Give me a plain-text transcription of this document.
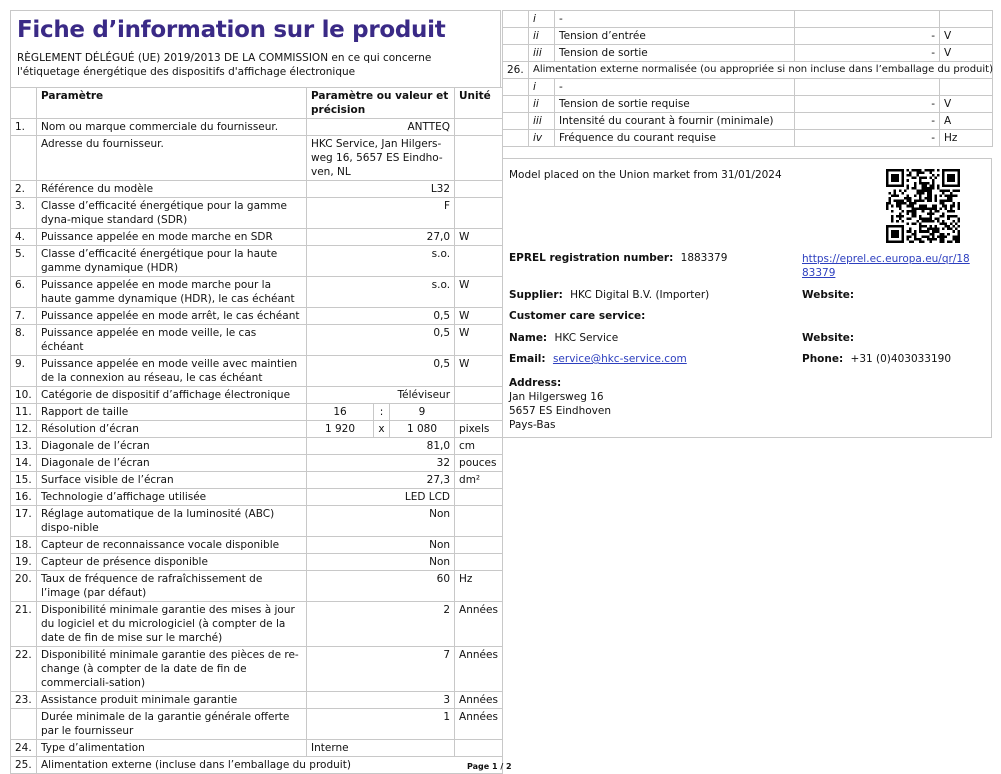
Fiche d’information sur le produit
RÈGLEMENT DÉLÉGUÉ (UE) 2019/2013 DE LA COMMISSION en ce qui concerne l'étiquetage énergétique des dispositifs d'affichage électronique
	Paramètre	Paramètre ou valeur et précision			Unité
1.	Nom ou marque commerciale du fournisseur.	ANTTEQ			
	Adresse du fournisseur.	HKC Service, Jan Hilgers-weg 16, 5657 ES Eindho-ven, NL			
2.	Référence du modèle	L32			
3.	Classe d’efficacité énergétique pour la gamme dyna-mique standard (SDR)	F			
4.	Puissance appelée en mode marche en SDR	27,0			W
5.	Classe d’efficacité énergétique pour la haute gamme dynamique (HDR)	s.o.			
6.	Puissance appelée en mode marche pour la haute gamme dynamique (HDR), le cas échéant	s.o.			W
7.	Puissance appelée en mode arrêt, le cas échéant	0,5			W
8.	Puissance appelée en mode veille, le cas échéant	0,5			W
9.	Puissance appelée en mode veille avec maintien de la connexion au réseau, le cas échéant	0,5			W
10.	Catégorie de dispositif d’affichage électronique	Téléviseur			
11.	Rapport de taille	16	:	9	
12.	Résolution d’écran	1 920	x	1 080	pixels
13.	Diagonale de l’écran	81,0			cm
14.	Diagonale de l’écran	32			pouces
15.	Surface visible de l’écran	27,3			dm²
16.	Technologie d’affichage utilisée	LED LCD			
17.	Réglage automatique de la luminosité (ABC) dispo-nible	Non			
18.	Capteur de reconnaissance vocale disponible	Non			
19.	Capteur de présence disponible	Non			
20.	Taux de fréquence de rafraîchissement de l’image (par défaut)	60			Hz
21.	Disponibilité minimale garantie des mises à jour du logiciel et du micrologiciel (à compter de la date de fin de mise sur le marché)	2			Années
22.	Disponibilité minimale garantie des pièces de re-change (à compter de la date de fin de commerciali-sation)	7			Années
23.	Assistance produit minimale garantie	3			Années
	Durée minimale de la garantie générale offerte par le fournisseur	1			Années
24.	Type d’alimentation	Interne			
25.	Alimentation externe (incluse dans l’emballage du produit)					Page 1 / 2
	i	-		
	ii	Tension d’entrée	-	V
	iii	Tension de sortie	-	V
26.	Alimentation externe normalisée (ou appropriée si non incluse dans l’emballage du produit)			
	i	-		
	ii	Tension de sortie requise	-	V
	iii	Intensité du courant à fournir (minimale)	-	A
	iv	Fréquence du courant requise	-	Hz
Model placed on the Union market from 31/01/2024
EPREL registration number: 1883379	https://eprel.ec.europa.eu/qr/18
83379
Supplier: HKC Digital B.V. (Importer)	Website:
Customer care service:
Name: HKC Service	Website:
Email: service@hkc-service.com	Phone: +31 (0)403033190
Address:
Jan Hilgersweg 16
5657 ES Eindhoven
Pays-Bas
